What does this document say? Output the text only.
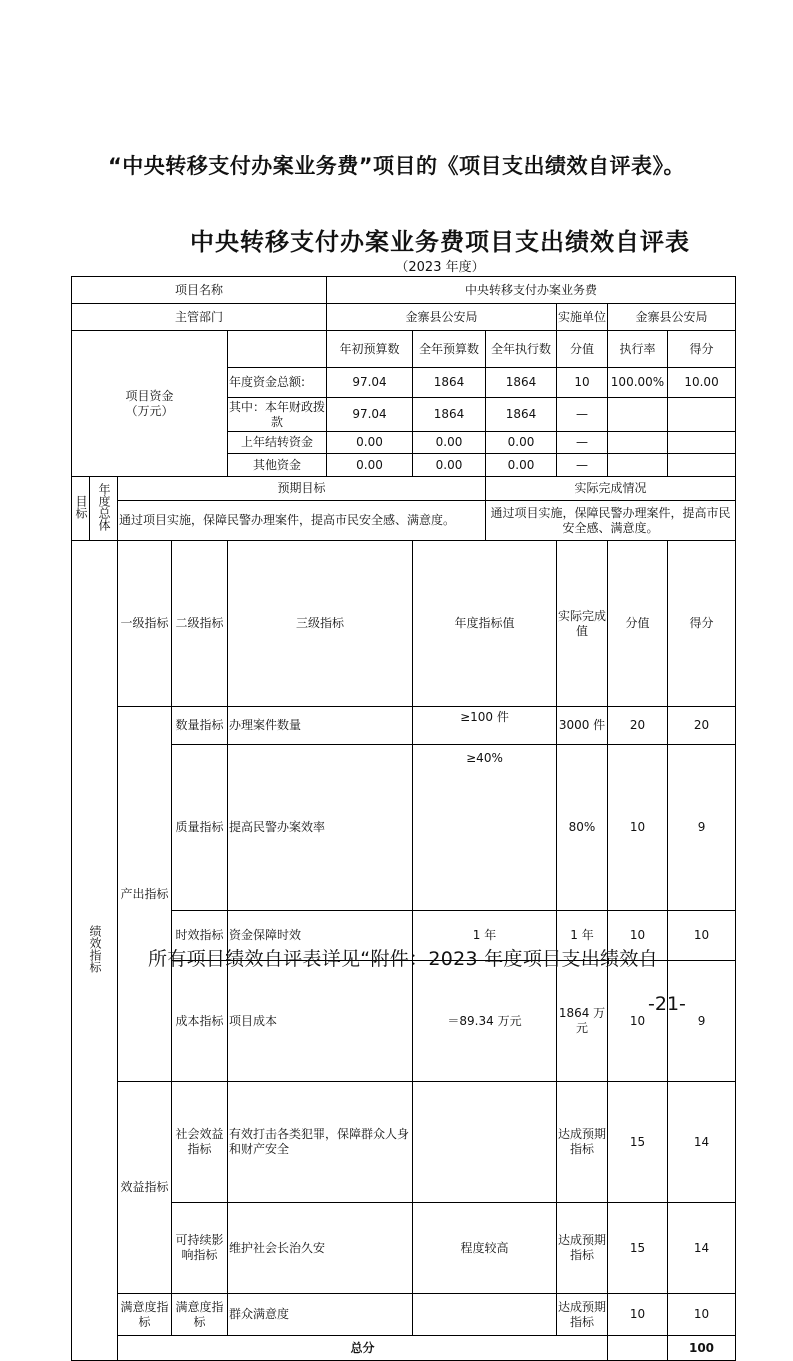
“中央转移支付办案业务费”项目的《项目支出绩效自评表》。
中央转移支付办案业务费项目支出绩效自评表
（2023 年度）
项目名称					中央转移支付办案业务费						
主管部门					金寨县公安局			实施单位	金寨县公安局		
项目资金
（万元）					年初预算数	全年预算数	全年执行数	分值	执行率	得分	
				年度资金总额:	97.04	1864	1864	10	100.00%	10.00	
				其中：本年财政拨款	97.04	1864	1864	—			
				上年结转资金	0.00	0.00	0.00	—			
				其他资金	0.00	0.00	0.00	—			
目标	年度总体	预期目标					实际完成情况				
		通过项目实施，保障民警办理案件，提高市民安全感、满意度。					通过项目实施，保障民警办理案件，提高市民安全感、满意度。				
绩效指标		一级指标	二级指标	三级指标		年度指标值		实际完成值	分值	得分	
		产出指标	数量指标	办理案件数量		≥100 件		3000 件	20	20	
			质量指标	提高民警办案效率		≥40%		80%	10	9	
			时效指标	资金保障时效		1 年		1 年	10	10	
			成本指标	项目成本		＝89.34 万元		1864 万元	10	9	
		效益指标	社会效益指标	有效打击各类犯罪，保障群众人身和财产安全				达成预期指标	15	14	
			可持续影响指标	维护社会长治久安		程度较高		达成预期指标	15	14	
		满意度指标	满意度指标	群众满意度				达成预期指标	10	10	
		总分								100		
所有项目绩效自评表详见“附件：2023 年度项目支出绩效自
-21-
